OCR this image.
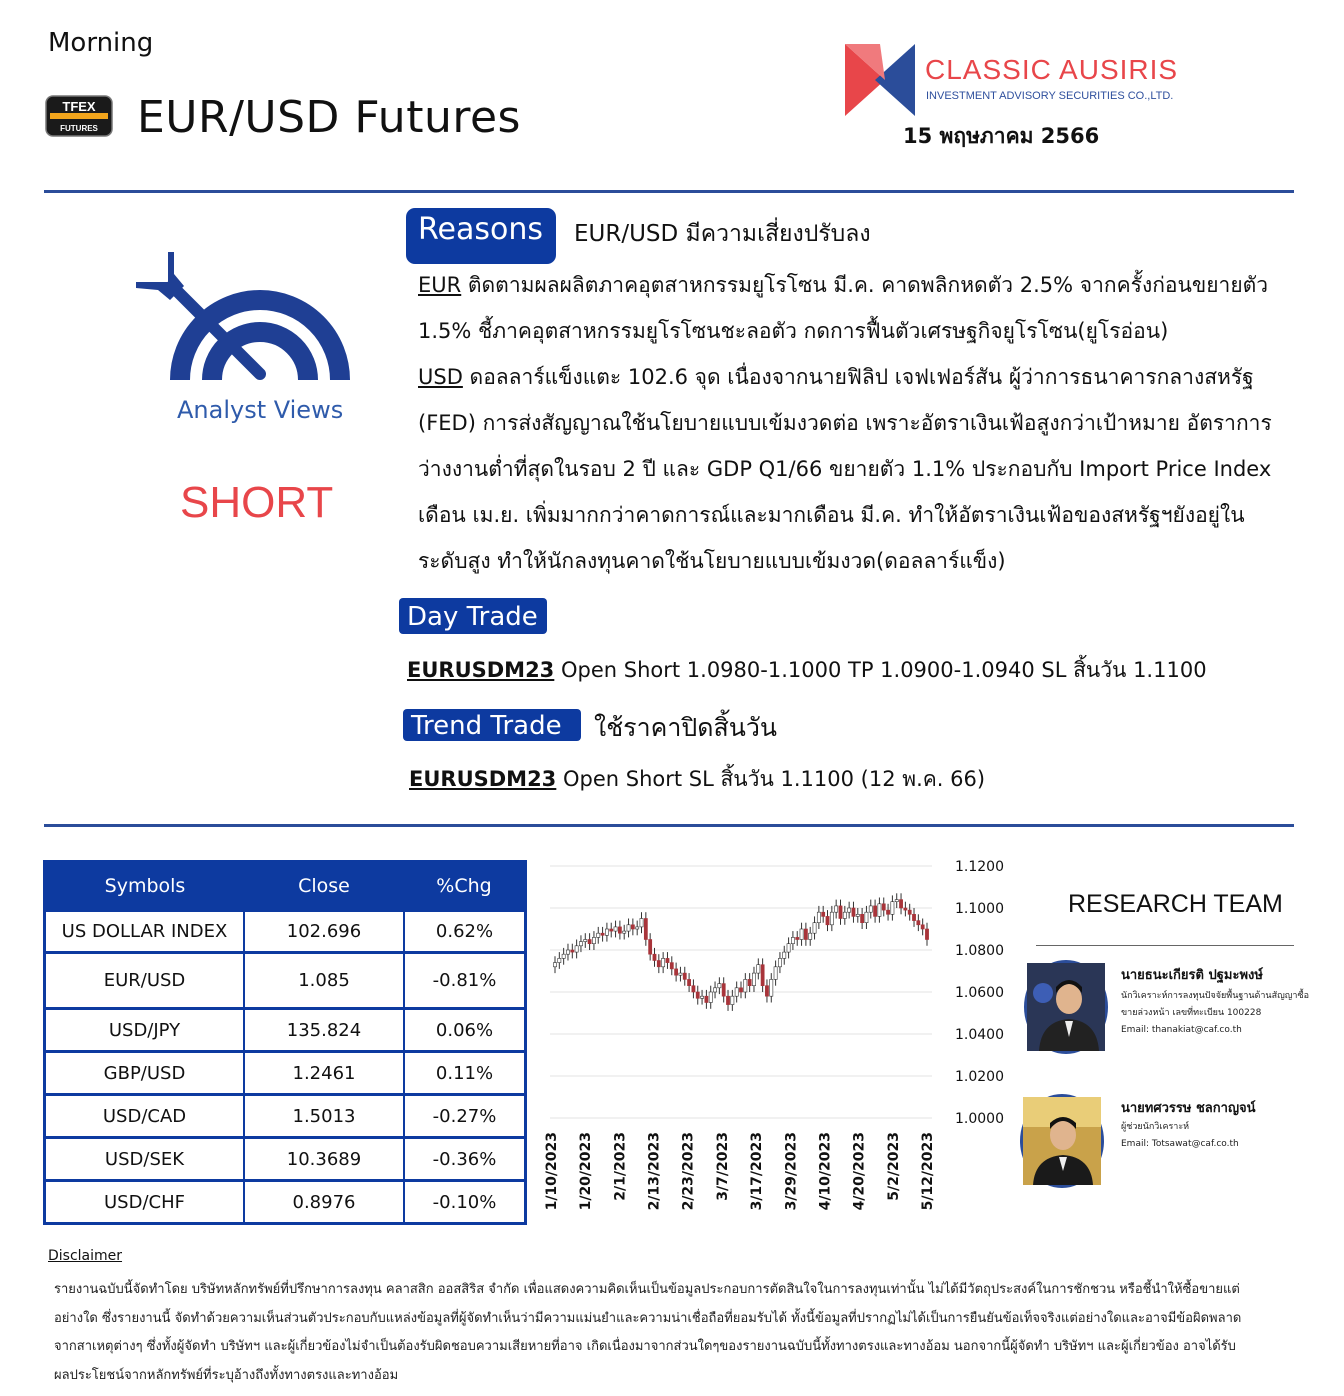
Morning
TFEX
FUTURES EUR/USD Futures
CLASSIC AUSIRIS
INVESTMENT ADVISORY SECURITIES CO.,LTD.
15 พฤษภาคม 2566
Analyst Views
SHORT
Reasons	EUR/USD มีความเสี่ยงปรับลง
EUR ติดตามผลผลิตภาคอุตสาหกรรมยูโรโซน มี.ค. คาดพลิกหดตัว 2.5% จากครั้งก่อนขยายตัว
1.5% ชี้ภาคอุตสาหกรรมยูโรโซนชะลอตัว กดการฟื้นตัวเศรษฐกิจยูโรโซน(ยูโรอ่อน)
USD ดอลลาร์แข็งแตะ 102.6 จุด เนื่องจากนายฟิลิป เจฟเฟอร์สัน ผู้ว่าการธนาคารกลางสหรัฐ
(FED) การส่งสัญญาณใช้นโยบายแบบเข้มงวดต่อ เพราะอัตราเงินเฟ้อสูงกว่าเป้าหมาย อัตราการ
ว่างงานต่ำที่สุดในรอบ 2 ปี และ GDP Q1/66 ขยายตัว 1.1% ประกอบกับ Import Price Index
เดือน เม.ย. เพิ่มมากกว่าคาดการณ์และมากเดือน มี.ค. ทำให้อัตราเงินเฟ้อของสหรัฐฯยังอยู่ใน
ระดับสูง ทำให้นักลงทุนคาดใช้นโยบายแบบเข้มงวด(ดอลลาร์แข็ง)
Day Trade
EURUSDM23 Open Short 1.0980-1.1000 TP 1.0900-1.0940 SL สิ้นวัน 1.1100
Trend Trade	ใช้ราคาปิดสิ้นวัน
EURUSDM23 Open Short SL สิ้นวัน 1.1100 (12 พ.ค. 66)
Symbols	Close	%Chg
US DOLLAR INDEX	102.696	0.62%
EUR/USD	1.085	-0.81%
USD/JPY	135.824	0.06%
GBP/USD	1.2461	0.11%
USD/CAD	1.5013	-0.27%
USD/SEK	10.3689	-0.36%
USD/CHF	0.8976	-0.10%
1.1200
1.1000
1.0800
1.0600
1.0400
1.0200
1.0000
1/10/2023 1/20/2023 2/1/2023 2/13/2023 2/23/2023 3/7/2023 3/17/2023 3/29/2023 4/10/2023 4/20/2023 5/2/2023 5/12/2023
RESEARCH TEAM
นายธนะเกียรติ ปฐมะพงษ์
นักวิเคราะห์การลงทุนปัจจัยพื้นฐานด้านสัญญาซื้อ
ขายล่วงหน้า เลขที่ทะเบียน 100228
Email: thanakiat@caf.co.th
นายทศวรรษ ชลกาญจน์
ผู้ช่วยนักวิเคราะห์
Email: Totsawat@caf.co.th
Disclaimer
รายงานฉบับนี้จัดทำโดย บริษัทหลักทรัพย์ที่ปรึกษาการลงทุน คลาสสิก ออสสิริส จำกัด เพื่อแสดงความคิดเห็นเป็นข้อมูลประกอบการตัดสินใจในการลงทุนเท่านั้น ไม่ได้มีวัตถุประสงค์ในการชักชวน หรือชี้นำให้ซื้อขายแต่
อย่างใด ซึ่งรายงานนี้ จัดทำด้วยความเห็นส่วนตัวประกอบกับแหล่งข้อมูลที่ผู้จัดทำเห็นว่ามีความแม่นยำและความน่าเชื่อถือที่ยอมรับได้ ทั้งนี้ข้อมูลที่ปรากฏไม่ได้เป็นการยืนยันข้อเท็จจริงแต่อย่างใดและอาจมีข้อผิดพลาด
จากสาเหตุต่างๆ ซึ่งทั้งผู้จัดทำ บริษัทฯ และผู้เกี่ยวข้องไม่จำเป็นต้องรับผิดชอบความเสียหายที่อาจ เกิดเนื่องมาจากส่วนใดๆของรายงานฉบับนี้ทั้งทางตรงและทางอ้อม นอกจากนี้ผู้จัดทำ บริษัทฯ และผู้เกี่ยวข้อง อาจได้รับ
ผลประโยชน์จากหลักทรัพย์ที่ระบุอ้างถึงทั้งทางตรงและทางอ้อม
